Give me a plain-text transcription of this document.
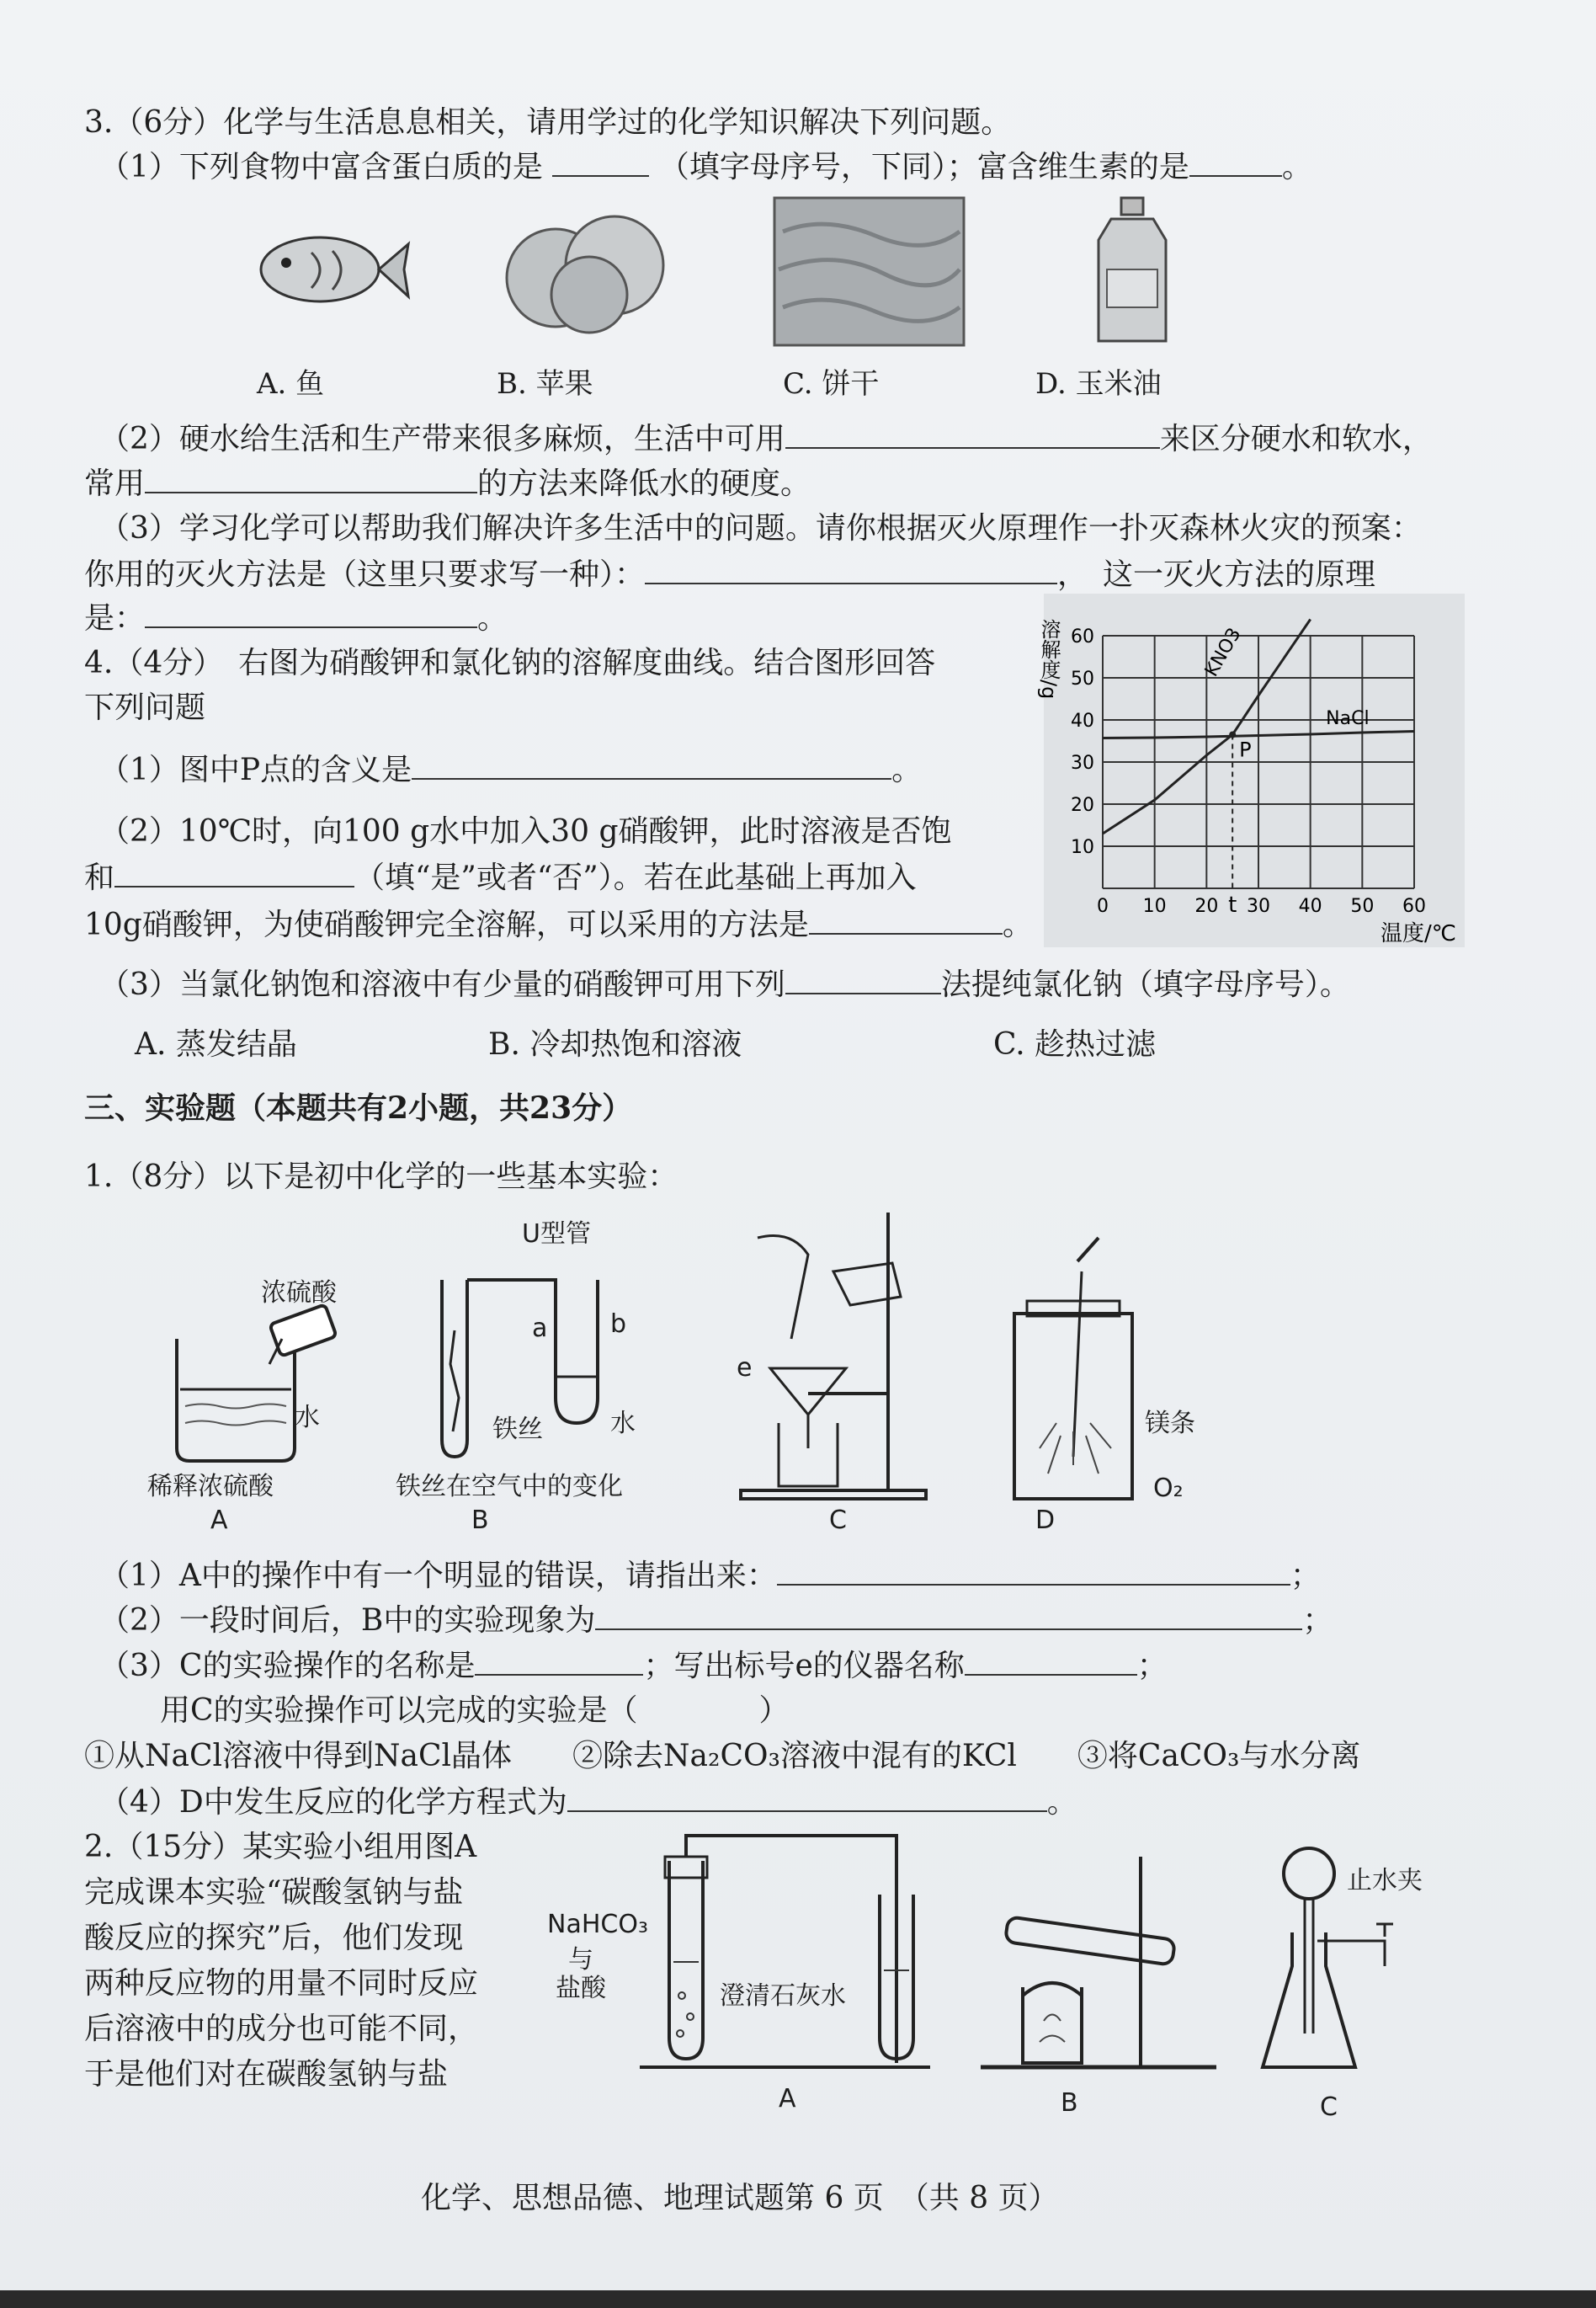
3.（6分）化学与生活息息相关，请用学过的化学知识解决下列问题。
（1）下列食物中富含蛋白质的是	（填字母序号，下同）；富含维生素的是	。
A. 鱼	B. 苹果	C. 饼干	D. 玉米油
（2）硬水给生活和生产带来很多麻烦，生活中可用	来区分硬水和软水，
常用	的方法来降低水的硬度。
（3）学习化学可以帮助我们解决许多生活中的问题。请你根据灭火原理作一扑灭森林火灾的预案：
你用的灭火方法是（这里只要求写一种）：	，　这一灭火方法的原理
是：	。
4.（4分）　右图为硝酸钾和氯化钠的溶解度曲线。结合图形回答
下列问题
（1）图中P点的含义是	。
（2）10℃时，向100 g水中加入30 g硝酸钾，此时溶液是否饱
和	（填“是”或者“否”）。若在此基础上再加入
10g硝酸钾，为使硝酸钾完全溶解，可以采用的方法是	。
（3）当氯化钠饱和溶液中有少量的硝酸钾可用下列	法提纯氯化钠（填字母序号）。
A. 蒸发结晶	B. 冷却热饱和溶液	C. 趁热过滤
10
20
30
40
50
60
0 10 20 t 30 40 50 60
溶解度/g
温度/℃
KNO3
NaCl
P
三、实验题（本题共有2小题，共23分）
1.（8分）以下是初中化学的一些基本实验：
浓硫酸
水
稀释浓硫酸
A
U型管
a b
铁丝	水
铁丝在空气中的变化
B
e
C
镁条
O₂
D
（1）A中的操作中有一个明显的错误，请指出来：	；
（2）一段时间后，B中的实验现象为	；
（3）C的实验操作的名称是	；写出标号e的仪器名称	；
用C的实验操作可以完成的实验是（　　　　）
①从NaCl溶液中得到NaCl晶体　　②除去Na₂CO₃溶液中混有的KCl　　③将CaCO₃与水分离
（4）D中发生反应的化学方程式为	。
2.（15分）某实验小组用图A
完成课本实验“碳酸氢钠与盐
酸反应的探究”后，他们发现
两种反应物的用量不同时反应
后溶液中的成分也可能不同，
于是他们对在碳酸氢钠与盐
NaHCO₃
与
盐酸	澄清石灰水
A	B
止水夹
C
化学、思想品德、地理试题第 6 页　（共 8 页）
